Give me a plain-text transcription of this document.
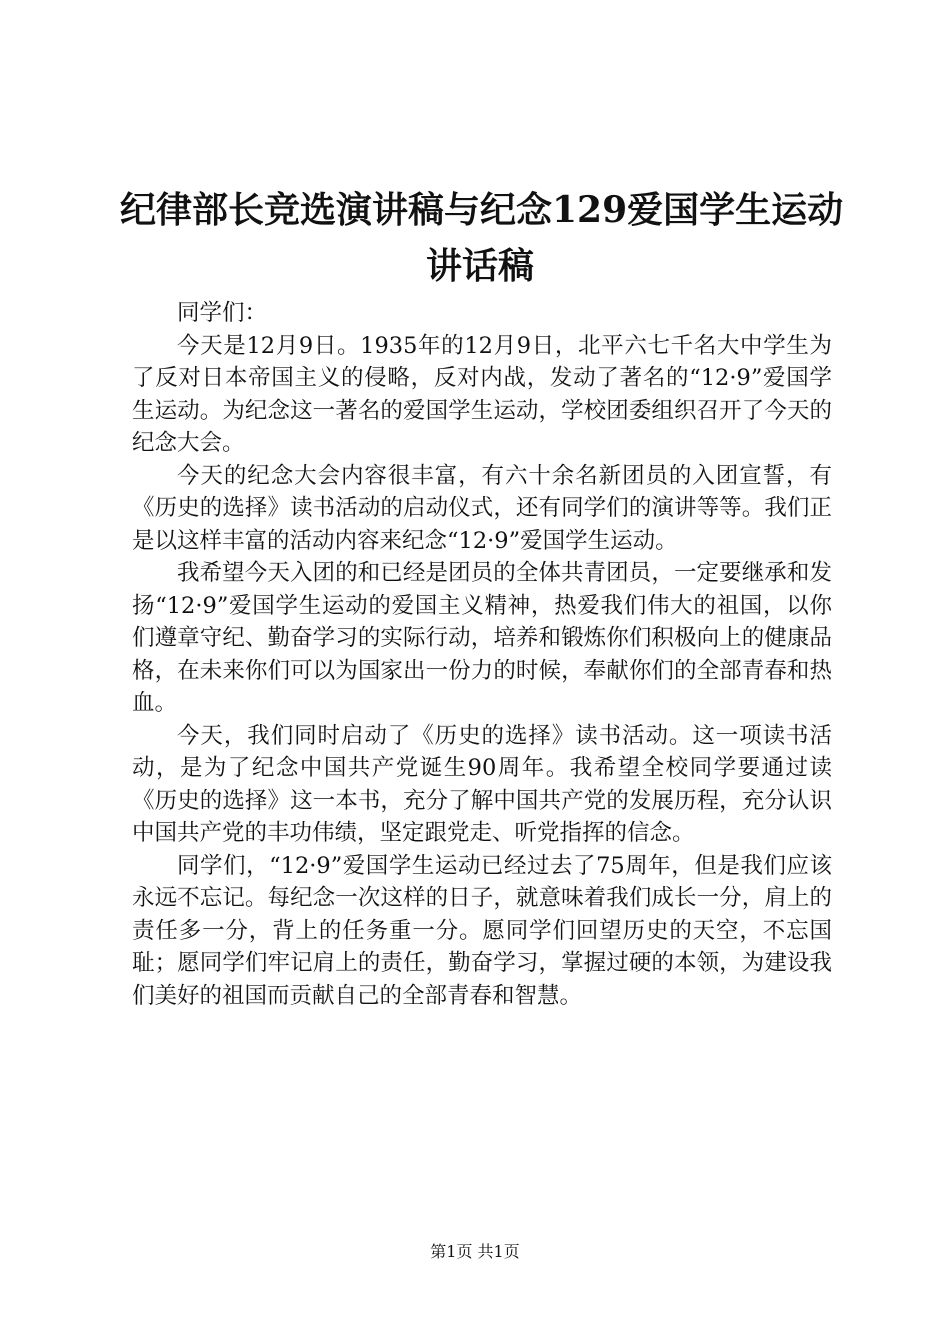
纪律部长竞选演讲稿与纪念129爱国学生运动
讲话稿

同学们：

今天是12月9日。1935年的12月9日，北平六七千名大中学生为了反对日本帝国主义的侵略，反对内战，发动了著名的“12·9”爱国学生运动。为纪念这一著名的爱国学生运动，学校团委组织召开了今天的纪念大会。

今天的纪念大会内容很丰富，有六十余名新团员的入团宣誓，有《历史的选择》读书活动的启动仪式，还有同学们的演讲等等。我们正是以这样丰富的活动内容来纪念“12·9”爱国学生运动。

我希望今天入团的和已经是团员的全体共青团员，一定要继承和发扬“12·9”爱国学生运动的爱国主义精神，热爱我们伟大的祖国，以你们遵章守纪、勤奋学习的实际行动，培养和锻炼你们积极向上的健康品格，在未来你们可以为国家出一份力的时候，奉献你们的全部青春和热血。

今天，我们同时启动了《历史的选择》读书活动。这一项读书活动，是为了纪念中国共产党诞生90周年。我希望全校同学要通过读《历史的选择》这一本书，充分了解中国共产党的发展历程，充分认识中国共产党的丰功伟绩，坚定跟党走、听党指挥的信念。

同学们，“12·9”爱国学生运动已经过去了75周年，但是我们应该永远不忘记。每纪念一次这样的日子，就意味着我们成长一分，肩上的责任多一分，背上的任务重一分。愿同学们回望历史的天空，不忘国耻；愿同学们牢记肩上的责任，勤奋学习，掌握过硬的本领，为建设我们美好的祖国而贡献自己的全部青春和智慧。

第1页 共1页
